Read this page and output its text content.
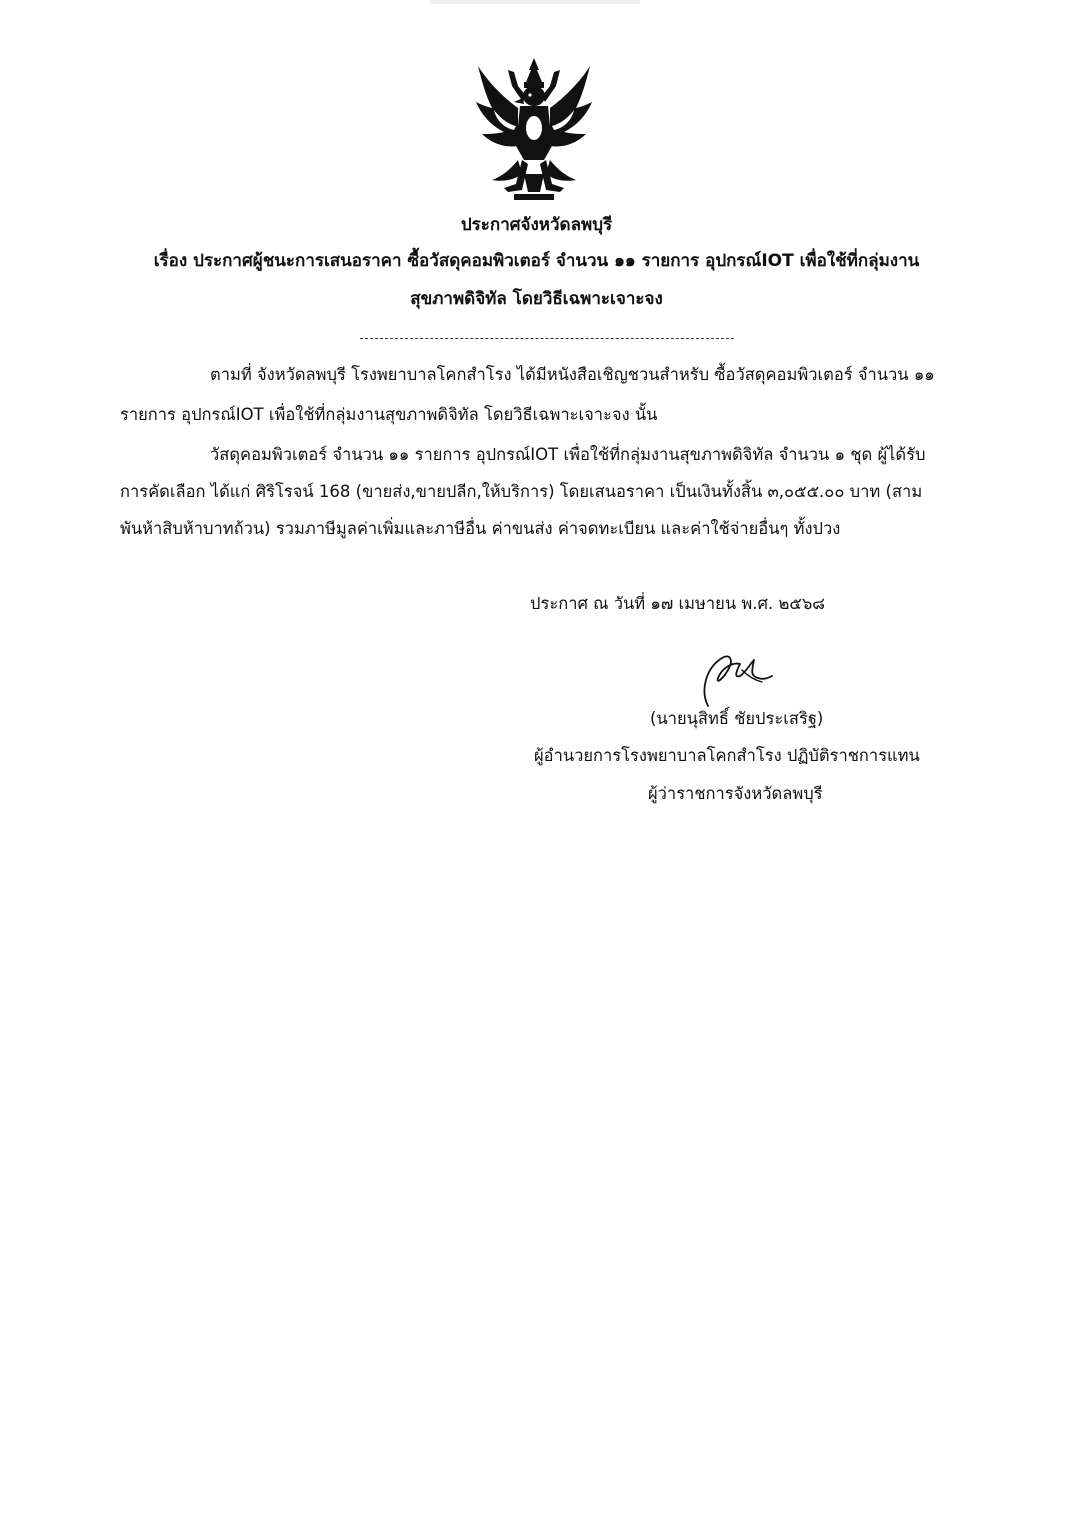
ประกาศจังหวัดลพบุรี
เรื่อง ประกาศผู้ชนะการเสนอราคา ซื้อวัสดุคอมพิวเตอร์ จำนวน ๑๑ รายการ อุปกรณ์IOT เพื่อใช้ที่กลุ่มงาน
สุขภาพดิจิทัล โดยวิธีเฉพาะเจาะจง
ตามที่ จังหวัดลพบุรี โรงพยาบาลโคกสำโรง ได้มีหนังสือเชิญชวนสำหรับ ซื้อวัสดุคอมพิวเตอร์ จำนวน ๑๑
รายการ อุปกรณ์IOT เพื่อใช้ที่กลุ่มงานสุขภาพดิจิทัล โดยวิธีเฉพาะเจาะจง นั้น
วัสดุคอมพิวเตอร์ จำนวน ๑๑ รายการ อุปกรณ์IOT เพื่อใช้ที่กลุ่มงานสุขภาพดิจิทัล จำนวน ๑ ชุด ผู้ได้รับ
การคัดเลือก ได้แก่ ศิริโรจน์ 168 (ขายส่ง,ขายปลีก,ให้บริการ) โดยเสนอราคา เป็นเงินทั้งสิ้น ๓,๐๕๕.๐๐ บาท (สาม
พันห้าสิบห้าบาทถ้วน) รวมภาษีมูลค่าเพิ่มและภาษีอื่น ค่าขนส่ง ค่าจดทะเบียน และค่าใช้จ่ายอื่นๆ ทั้งปวง
ประกาศ ณ วันที่ ๑๗ เมษายน พ.ศ. ๒๕๖๘
(นายนุสิทธิ์ ชัยประเสริฐ)
ผู้อำนวยการโรงพยาบาลโคกสำโรง ปฏิบัติราชการแทน
ผู้ว่าราชการจังหวัดลพบุรี
